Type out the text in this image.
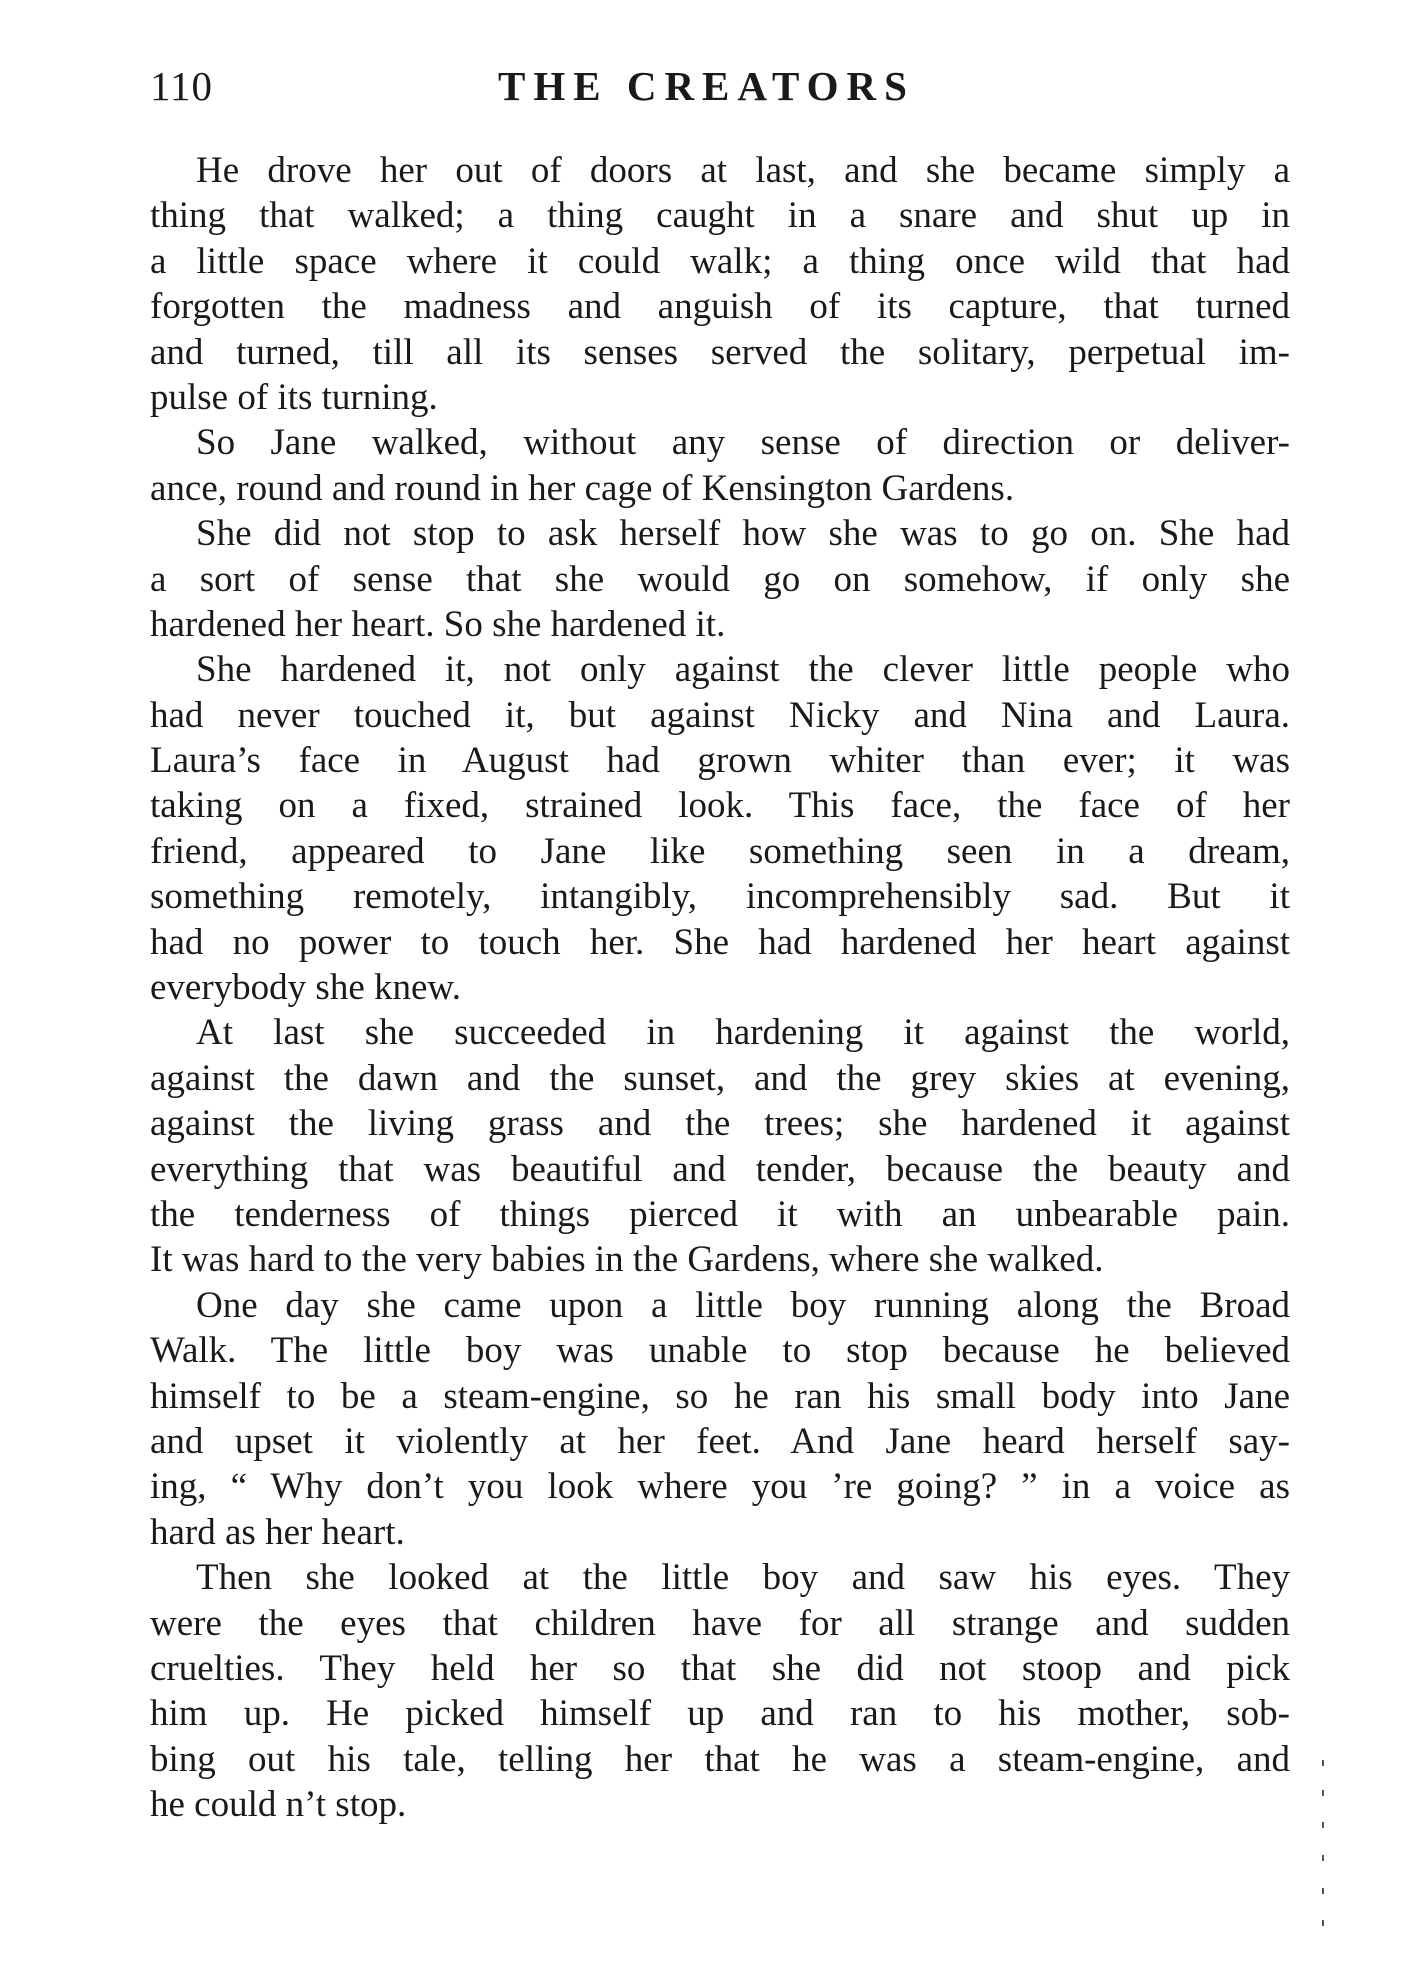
110	THE CREATORS
He drove her out of doors at last, and she became simply a
thing that walked; a thing caught in a snare and shut up in
a little space where it could walk; a thing once wild that had
forgotten the madness and anguish of its capture, that turned
and turned, till all its senses served the solitary, perpetual im-
pulse of its turning.
So Jane walked, without any sense of direction or deliver-
ance, round and round in her cage of Kensington Gardens.
She did not stop to ask herself how she was to go on. She had
a sort of sense that she would go on somehow, if only she
hardened her heart. So she hardened it.
She hardened it, not only against the clever little people who
had never touched it, but against Nicky and Nina and Laura.
Laura’s face in August had grown whiter than ever; it was
taking on a fixed, strained look. This face, the face of her
friend, appeared to Jane like something seen in a dream,
something remotely, intangibly, incomprehensibly sad. But it
had no power to touch her. She had hardened her heart against
everybody she knew.
At last she succeeded in hardening it against the world,
against the dawn and the sunset, and the grey skies at evening,
against the living grass and the trees; she hardened it against
everything that was beautiful and tender, because the beauty and
the tenderness of things pierced it with an unbearable pain.
It was hard to the very babies in the Gardens, where she walked.
One day she came upon a little boy running along the Broad
Walk. The little boy was unable to stop because he believed
himself to be a steam-engine, so he ran his small body into Jane
and upset it violently at her feet. And Jane heard herself say-
ing, “ Why don’t you look where you ’re going? ” in a voice as
hard as her heart.
Then she looked at the little boy and saw his eyes. They
were the eyes that children have for all strange and sudden
cruelties. They held her so that she did not stoop and pick
him up. He picked himself up and ran to his mother, sob-
bing out his tale, telling her that he was a steam-engine, and
he could n’t stop.
